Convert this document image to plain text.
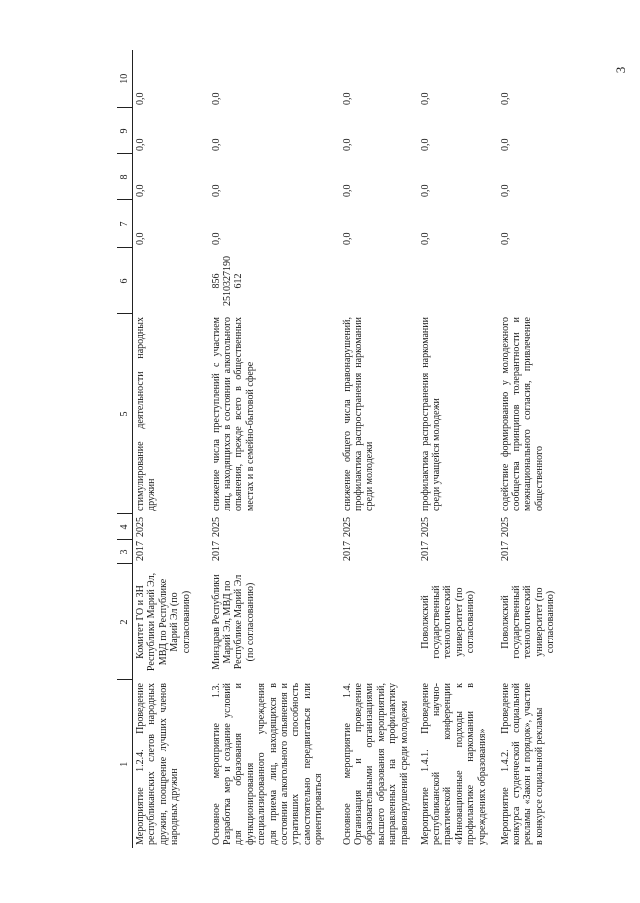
3
1	2	3	4	5	6	7	8	9	10
Мероприятие 1.2.4. Проведение республиканских слетов народных дружин, поощрение лучших членов народных дружин	Комитет ГО и ЗН Республики Марий Эл, МВД по Республике Марий Эл (по согласованию)	2017	2025	стимулирование деятельности народных дружин		0,0	0,0	0,0	0,0
Основное мероприятие 1.3. Разработка мер и создание условий для образования и функционирования специализированного учреждения для приема лиц, находящихся в состоянии алкогольного опьянения и утративших способность самостоятельно передвигаться или ориентироваться	Минздрав Республики Марий Эл, МВД по Республике Марий Эл (по согласованию)	2017	2025	снижение числа преступлений с участием лиц, находящихся в состоянии алкогольного опьянения, прежде всего в общественных местах и в семейно-бытовой сфере	856 2510327190 612	0,0	0,0	0,0	0,0
Основное мероприятие 1.4. Организация и проведение образовательными организациями высшего образования мероприятий, направленных на профилактику правонарушений среди молодежи		2017	2025	снижение общего числа правонарушений, профилактика распространения наркомании среди молодежи		0,0	0,0	0,0	0,0
Мероприятие 1.4.1. Проведение республиканской научно-практической конференции «Инновационные подходы к профилактике наркомании в учреждениях образования»	Поволжский государственный технологический университет (по согласованию)	2017	2025	профилактика распространения наркомании среди учащейся молодежи		0,0	0,0	0,0	0,0
Мероприятие 1.4.2. Проведение конкурса студенческой социальной рекламы «Закон и порядок», участие в конкурсе социальной рекламы	Поволжский государственный технологический университет (по согласованию)	2017	2025	содействие формированию у молодежного сообщества принципов толерантности и межнационального согласия, привлечение общественного		0,0	0,0	0,0	0,0
